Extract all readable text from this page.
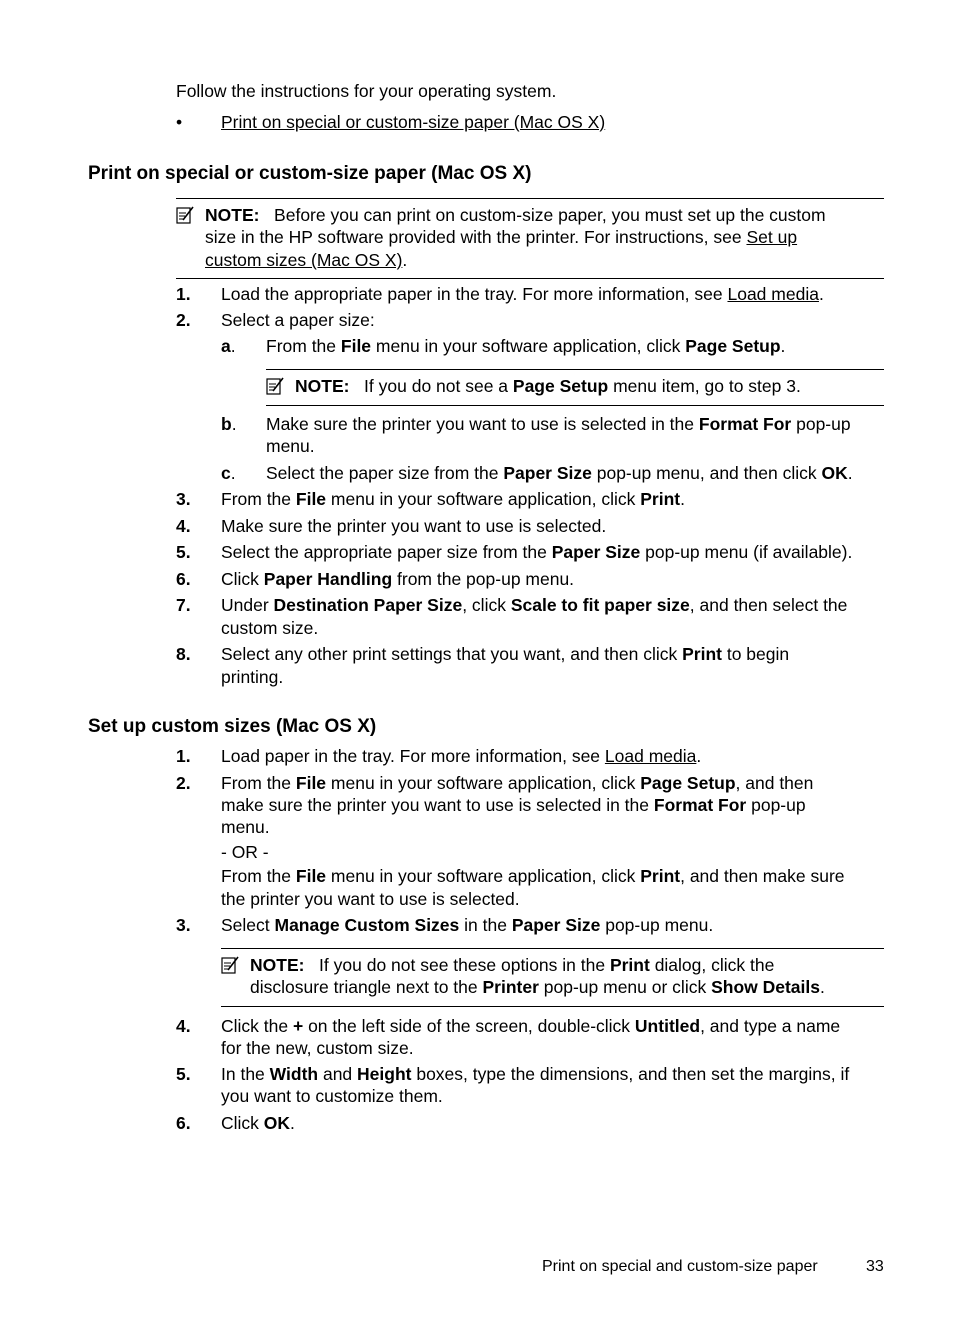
Follow the instructions for your operating system.
• Print on special or custom-size paper (Mac OS X)
Print on special or custom-size paper (Mac OS X)
NOTE: Before you can print on custom-size paper, you must set up the custom
size in the HP software provided with the printer. For instructions, see Set up
custom sizes (Mac OS X).
1. Load the appropriate paper in the tray. For more information, see Load media.
2. Select a paper size:
a. From the File menu in your software application, click Page Setup.
NOTE: If you do not see a Page Setup menu item, go to step 3.
b. Make sure the printer you want to use is selected in the Format For pop-up
menu.
c. Select the paper size from the Paper Size pop-up menu, and then click OK.
3. From the File menu in your software application, click Print.
4. Make sure the printer you want to use is selected.
5. Select the appropriate paper size from the Paper Size pop-up menu (if available).
6. Click Paper Handling from the pop-up menu.
7. Under Destination Paper Size, click Scale to fit paper size, and then select the
custom size.
8. Select any other print settings that you want, and then click Print to begin
printing.
Set up custom sizes (Mac OS X)
1. Load paper in the tray. For more information, see Load media.
2. From the File menu in your software application, click Page Setup, and then
make sure the printer you want to use is selected in the Format For pop-up
menu.
- OR -
From the File menu in your software application, click Print, and then make sure
the printer you want to use is selected.
3. Select Manage Custom Sizes in the Paper Size pop-up menu.
NOTE: If you do not see these options in the Print dialog, click the
disclosure triangle next to the Printer pop-up menu or click Show Details.
4. Click the + on the left side of the screen, double-click Untitled, and type a name
for the new, custom size.
5. In the Width and Height boxes, type the dimensions, and then set the margins, if
you want to customize them.
6. Click OK.
Print on special and custom-size paper	33
